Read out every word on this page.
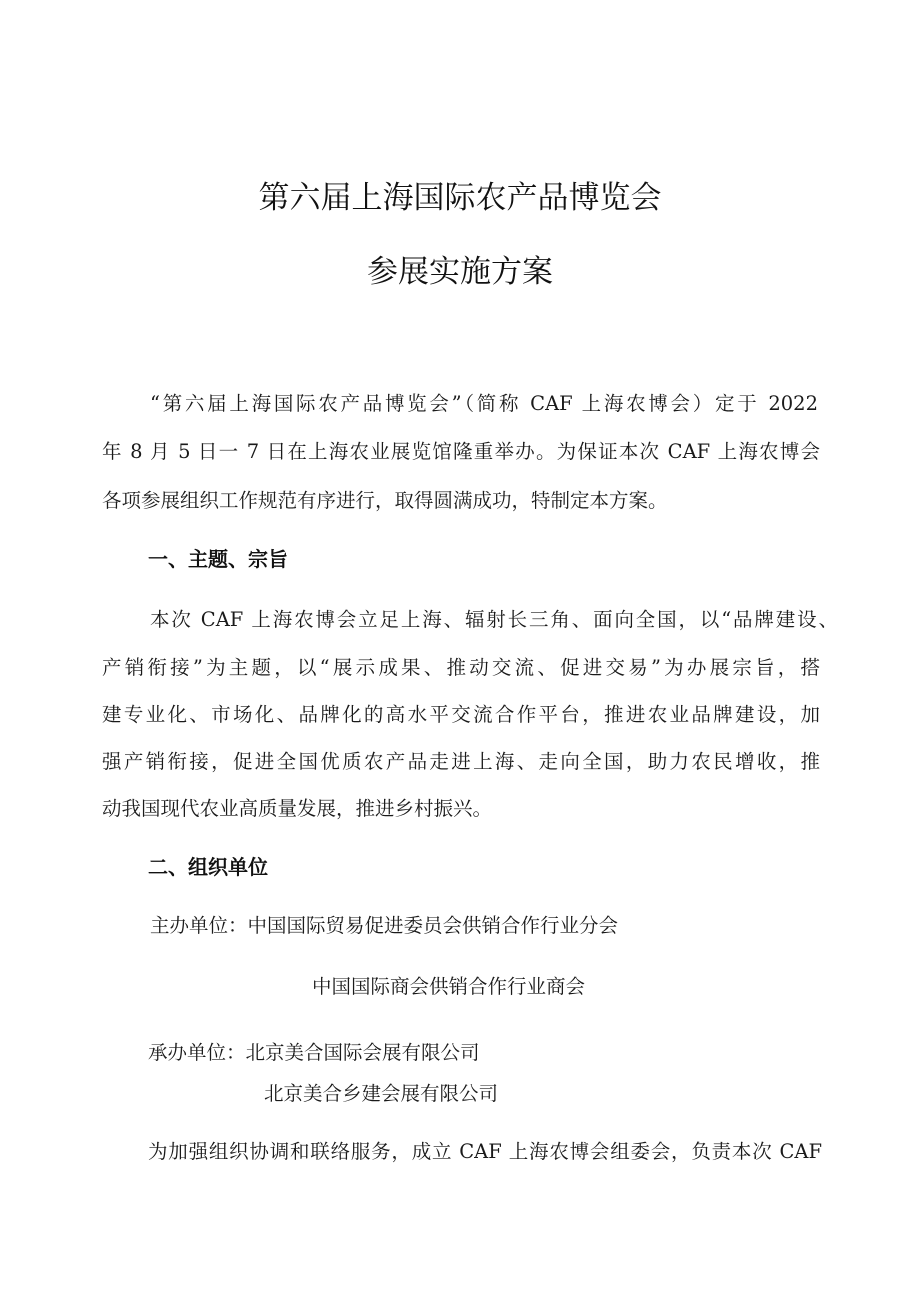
第六届上海国际农产品博览会
参展实施方案
“第六届上海国际农产品博览会”（简称 CAF 上海农博会）定于 2022
年 8 月 5 日一 7 日在上海农业展览馆隆重举办。为保证本次 CAF 上海农博会
各项参展组织工作规范有序进行，取得圆满成功，特制定本方案。
一、主题、宗旨
本次 CAF 上海农博会立足上海、辐射长三角、面向全国，以“品牌建设、
产销衔接”为主题，以“展示成果、推动交流、促进交易”为办展宗旨，搭
建专业化、市场化、品牌化的高水平交流合作平台，推进农业品牌建设，加
强产销衔接，促进全国优质农产品走进上海、走向全国，助力农民增收，推
动我国现代农业高质量发展，推进乡村振兴。
二、组织单位
主办单位：中国国际贸易促进委员会供销合作行业分会
中国国际商会供销合作行业商会
承办单位：北京美合国际会展有限公司
北京美合乡建会展有限公司
为加强组织协调和联络服务，成立 CAF 上海农博会组委会，负责本次 CAF
